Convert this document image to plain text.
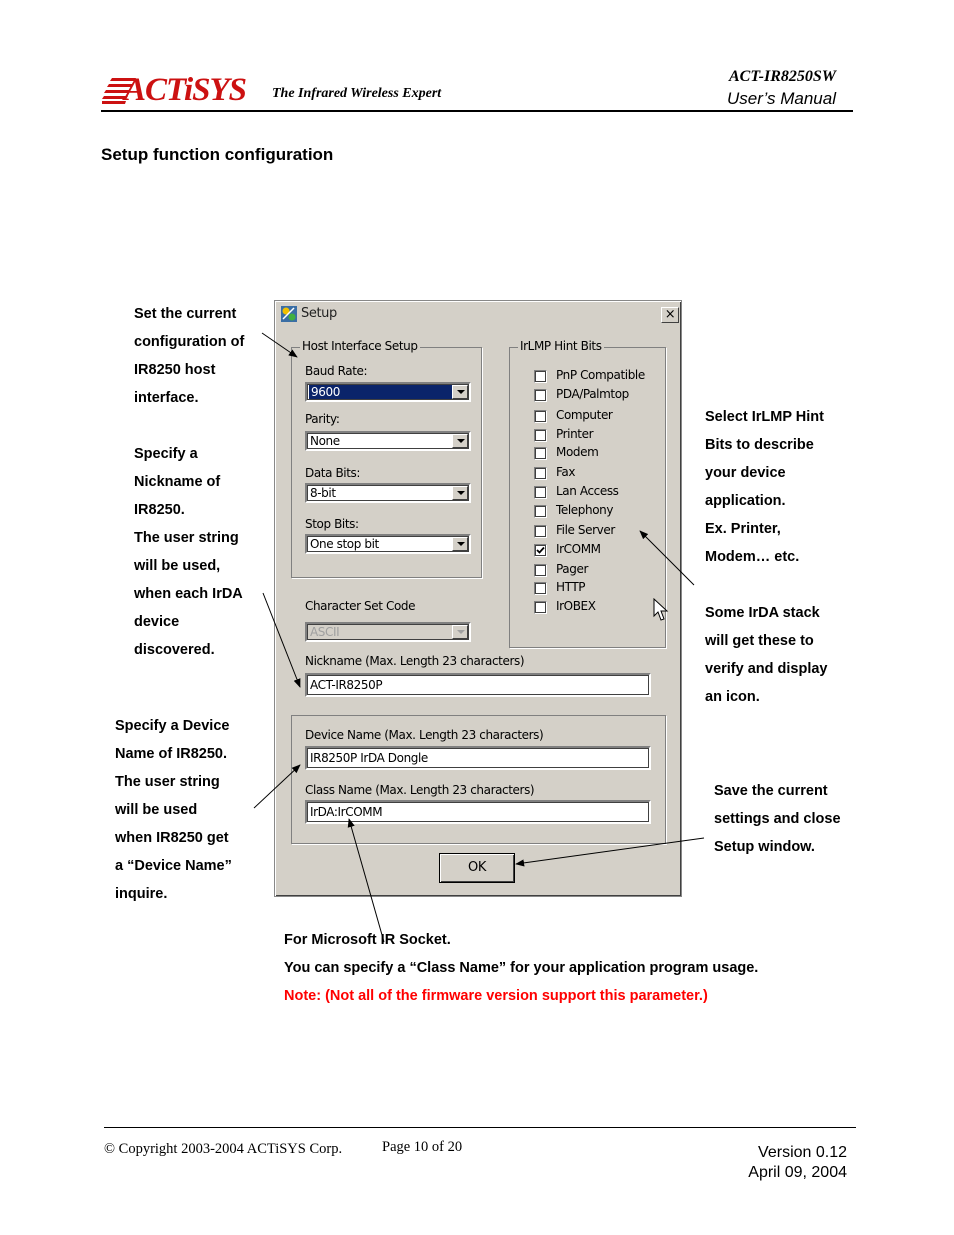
ACTiSYS The Infrared Wireless Expert
ACT-IR8250SW
User’s Manual
Setup function configuration
Set the current
configuration of
IR8250 host
interface.
Specify a
Nickname of
IR8250.
The user string
will be used,
when each IrDA
device
discovered.
Specify a Device
Name of IR8250.
The user string
will be used
when IR8250 get
a “Device Name”
inquire.
Select IrLMP Hint
Bits to describe
your device
application.
Ex. Printer,
Modem… etc.
Some IrDA stack
will get these to
verify and display
an icon.
Save the current
settings and close
Setup window.
For Microsoft IR Socket.
You can specify a “Class Name” for your application program usage.
Note: (Not all of the firmware version support this parameter.)
Setup	×
Host Interface Setup
Baud Rate:
9600
Parity:
None
Data Bits:
8-bit
Stop Bits:
One stop bit
Character Set Code
ASCII
Nickname (Max. Length 23 characters)
ACT-IR8250P
Device Name (Max. Length 23 characters)
IR8250P IrDA Dongle
Class Name (Max. Length 23 characters)
IrDA:IrCOMM
IrLMP Hint Bits
PnP Compatible
PDA/Palmtop
Computer
Printer
Modem
Fax
Lan Access
Telephony
File Server
IrCOMM
Pager
HTTP
IrOBEX
OK
© Copyright 2003-2004 ACTiSYS Corp.	Page 10 of 20	Version 0.12
April 09, 2004
